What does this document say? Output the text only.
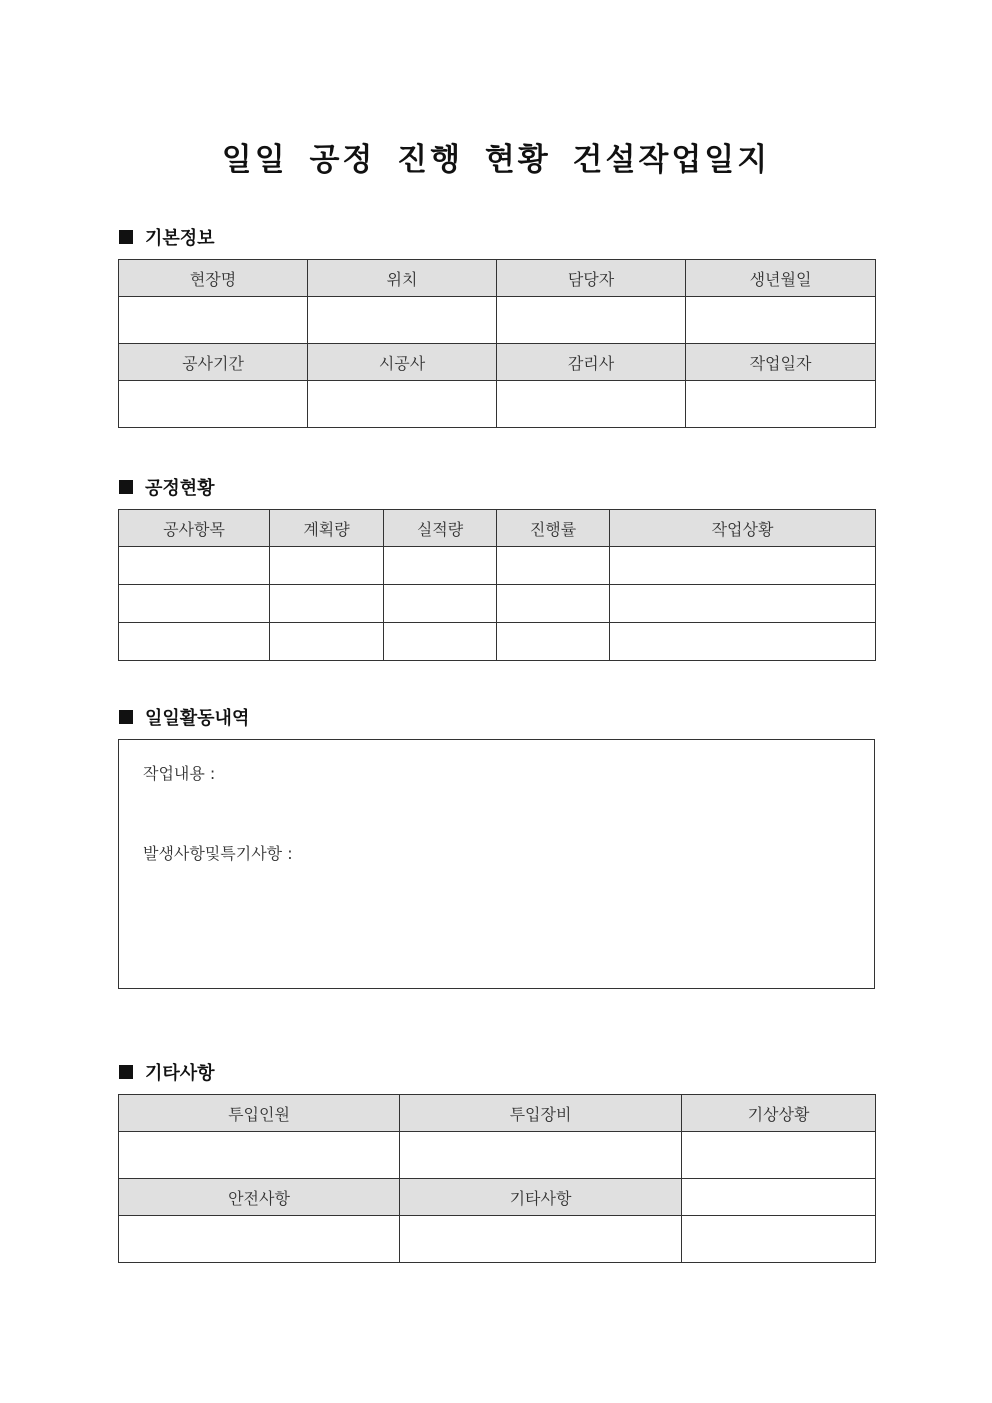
일일 공정 진행 현황 건설작업일지
기본정보
현장명	위치	담당자	생년월일

공사기간	시공사	감리사	작업일자

공정현황
공사항목	계획량	실적량	진행률	작업상황

일일활동내역
작업내용 :
발생사항및특기사항 :
기타사항
투입인원	투입장비	기상상황

안전사항	기타사항	
